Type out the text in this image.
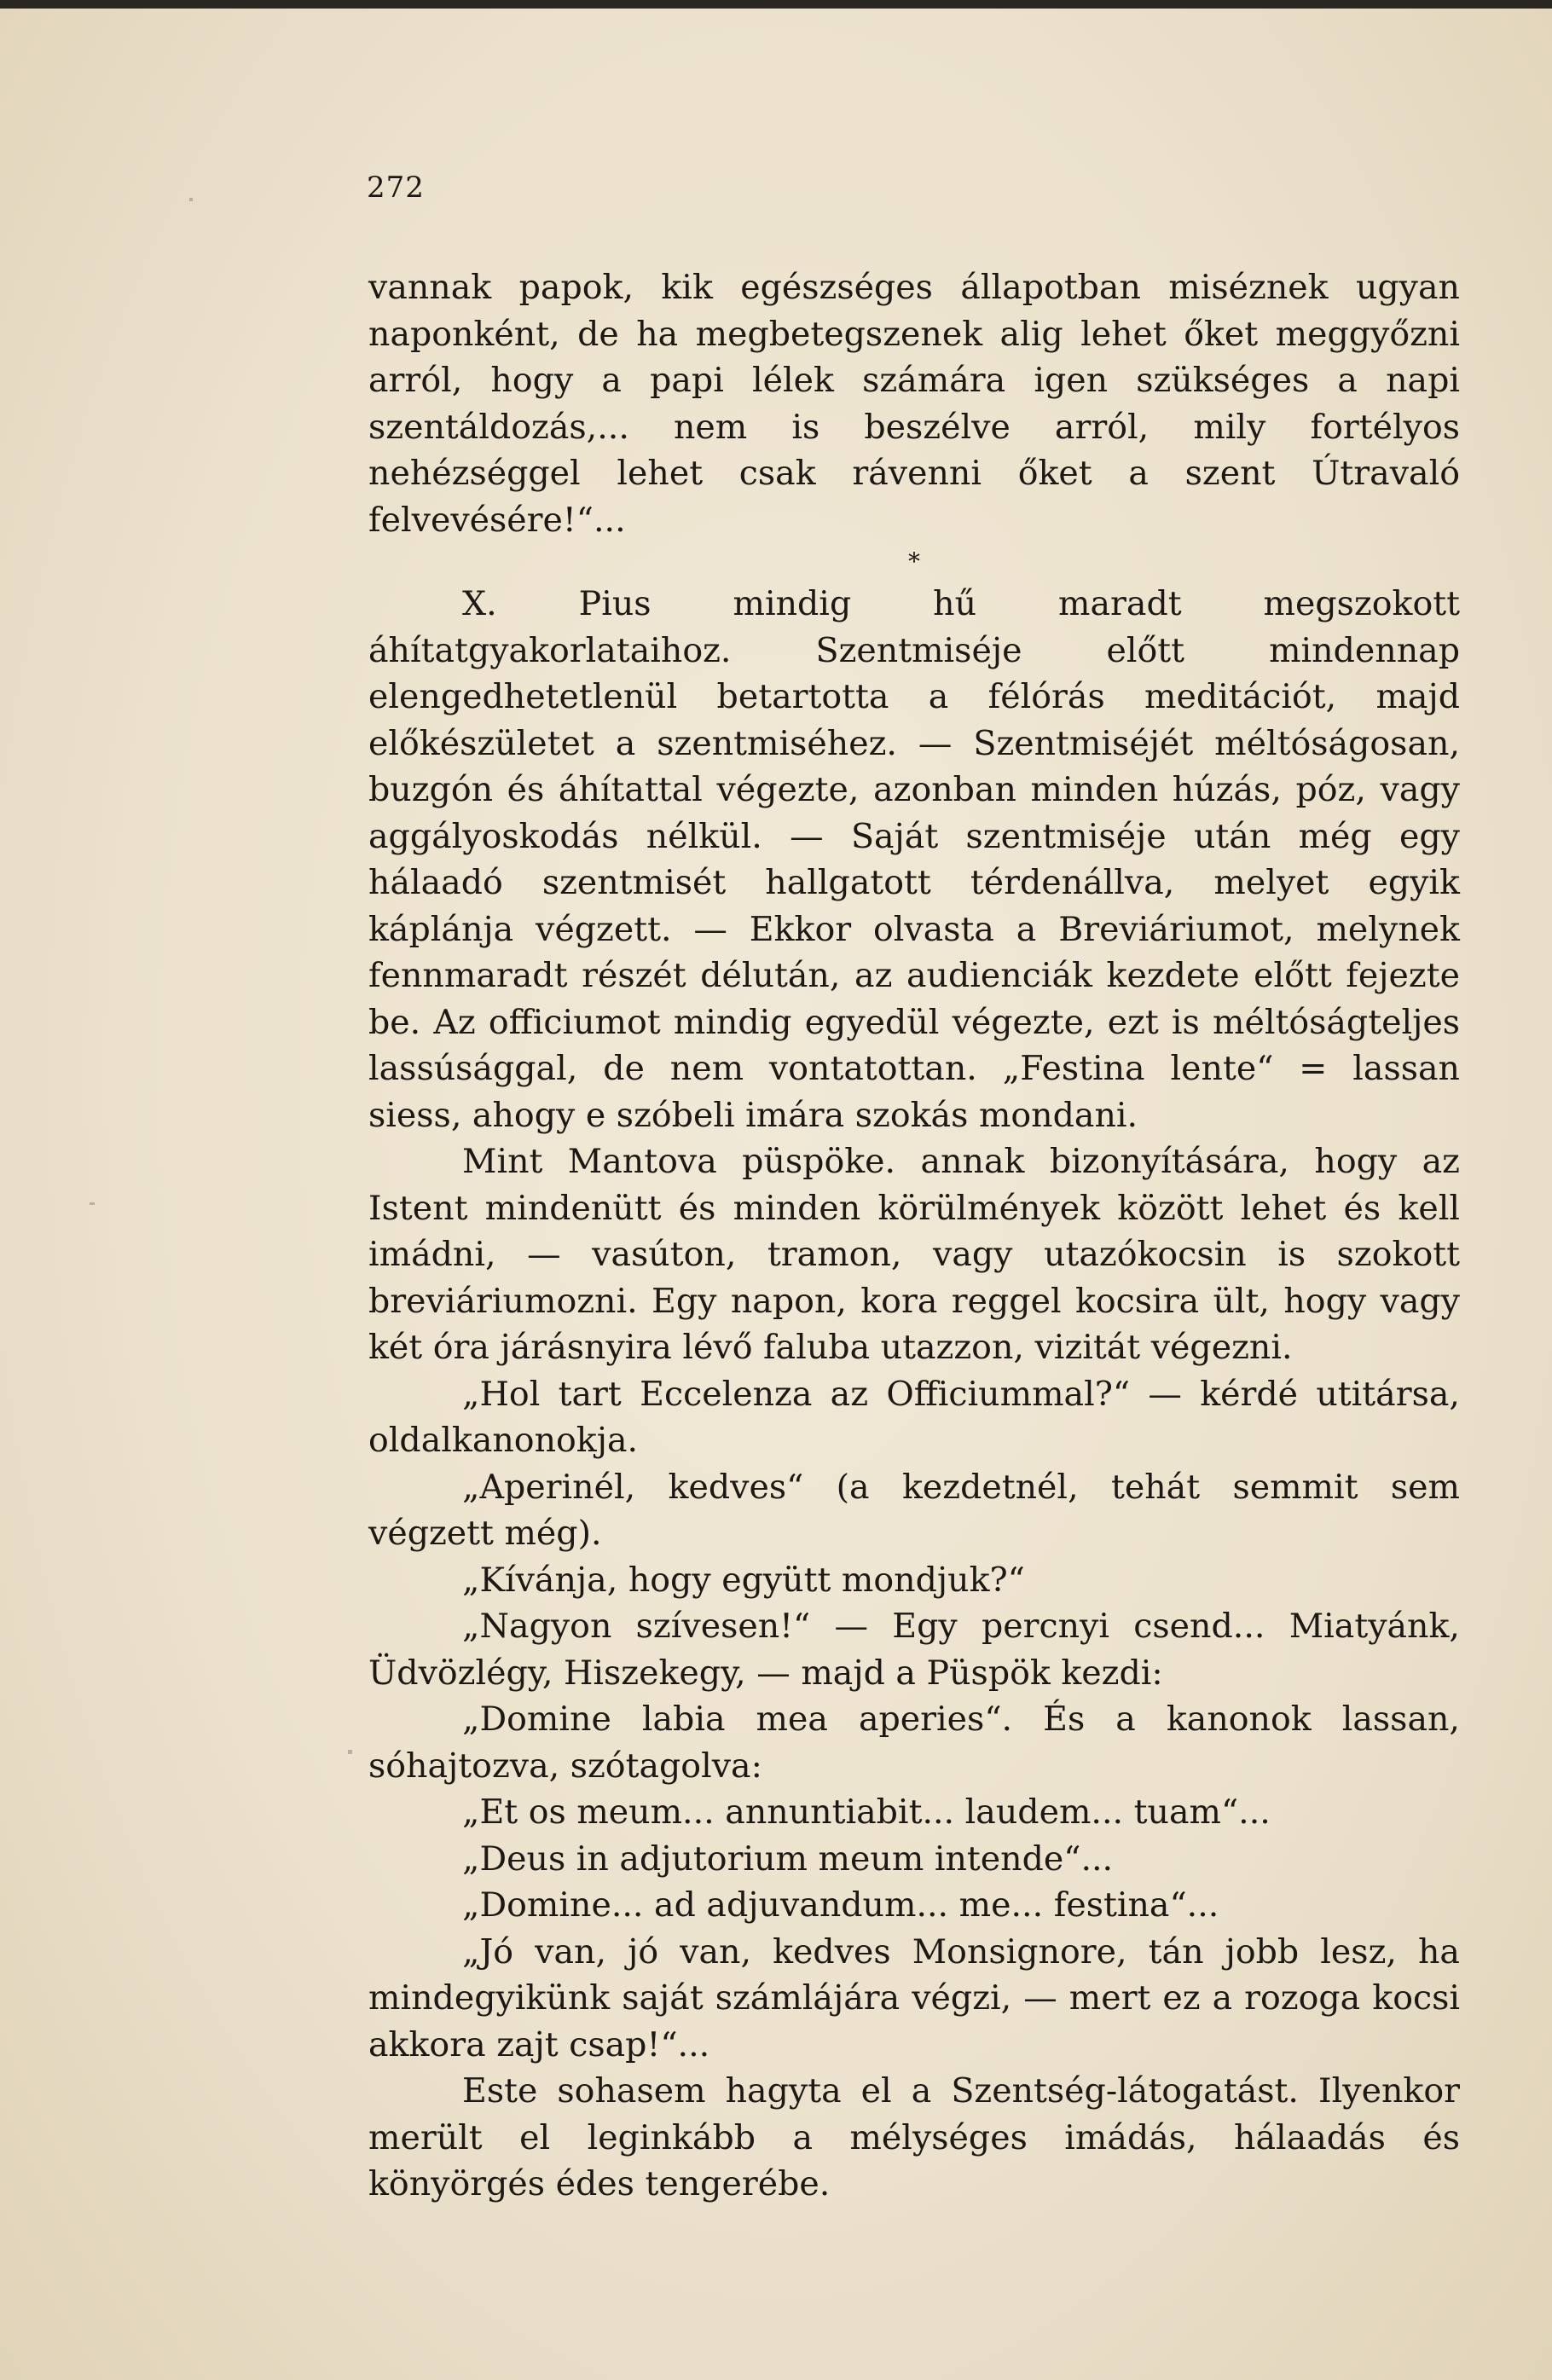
272

vannak papok, kik egészséges állapotban miséznek ugyan naponként, de ha megbetegszenek alig lehet őket meggyőzni arról, hogy a papi lélek számára igen szükséges a napi szentáldozás,... nem is beszélve arról, mily fortélyos nehézséggel lehet csak rávenni őket a szent Útravaló felvevésére!“...

*

X. Pius mindig hű maradt megszokott áhítatgyakorlataihoz. Szentmiséje előtt mindennap elengedhetetlenül betartotta a félórás meditációt, majd előkészületet a szentmiséhez. — Szentmiséjét méltóságosan, buzgón és áhítattal végezte, azonban minden húzás, póz, vagy aggályoskodás nélkül. — Saját szentmiséje után még egy hálaadó szentmisét hallgatott térdenállva, melyet egyik káplánja végzett. — Ekkor olvasta a Breviáriumot, melynek fennmaradt részét délután, az audienciák kezdete előtt fejezte be. Az officiumot mindig egyedül végezte, ezt is méltóságteljes lassúsággal, de nem vontatottan. „Festina lente“ = lassan siess, ahogy e szóbeli imára szokás mondani.

Mint Mantova püspöke. annak bizonyítására, hogy az Istent mindenütt és minden körülmények között lehet és kell imádni, — vasúton, tramon, vagy utazókocsin is szokott breviáriumozni. Egy napon, kora reggel kocsira ült, hogy vagy két óra járásnyira lévő faluba utazzon, vizitát végezni.

„Hol tart Eccelenza az Officiummal?“ — kérdé utitársa, oldalkanonokja.

„Aperinél, kedves“ (a kezdetnél, tehát semmit sem végzett még).

„Kívánja, hogy együtt mondjuk?“

„Nagyon szívesen!“ — Egy percnyi csend... Miatyánk, Üdvözlégy, Hiszekegy, — majd a Püspök kezdi:

„Domine labia mea aperies“. És a kanonok lassan, sóhajtozva, szótagolva:

„Et os meum... annuntiabit... laudem... tuam“...

„Deus in adjutorium meum intende“...

„Domine... ad adjuvandum... me... festina“...

„Jó van, jó van, kedves Monsignore, tán jobb lesz, ha mindegyikünk saját számlájára végzi, — mert ez a rozoga kocsi akkora zajt csap!“...

Este sohasem hagyta el a Szentség-látogatást. Ilyenkor merült el leginkább a mélységes imádás, hálaadás és könyörgés édes tengerébe.
